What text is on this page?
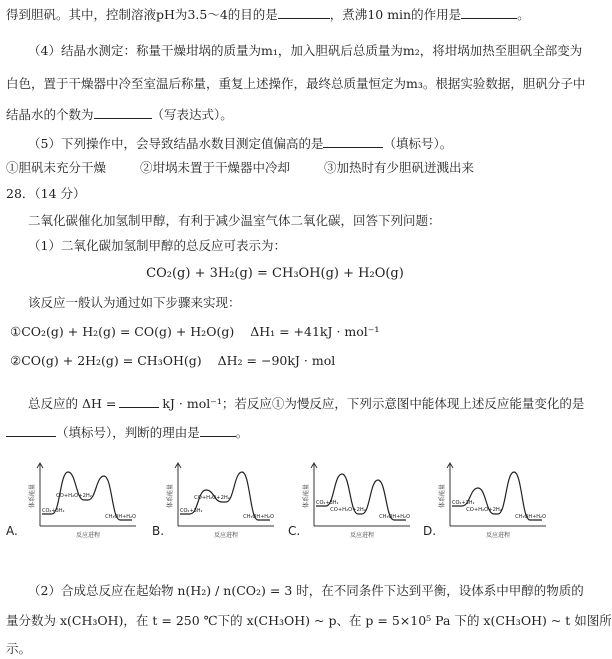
得到胆矾。其中，控制溶液pH为3.5～4的目的是	，煮沸10 min的作用是	。
（4）结晶水测定：称量干燥坩埚的质量为m₁，加入胆矾后总质量为m₂，将坩埚加热至胆矾全部变为
白色，置于干燥器中冷至室温后称量，重复上述操作，最终总质量恒定为m₃。根据实验数据，胆矾分子中
结晶水的个数为	（写表达式）。
（5）下列操作中，会导致结晶水数目测定值偏高的是	（填标号）。
①胆矾未充分干燥	②坩埚未置于干燥器中冷却	③加热时有少胆矾迸溅出来
28．（14 分）
二氧化碳催化加氢制甲醇，有利于减少温室气体二氧化碳，回答下列问题：
（1）二氧化碳加氢制甲醇的总反应可表示为：
CO₂(g) + 3H₂(g) = CH₃OH(g) + H₂O(g)
该反应一般认为通过如下步骤来实现：
①CO₂(g) + H₂(g) = CO(g) + H₂O(g) ΔH₁ = +41kJ · mol⁻¹
②CO(g) + 2H₂(g) = CH₃OH(g) ΔH₂ = −90kJ · mol
总反应的 ΔH =	kJ · mol⁻¹；若反应①为慢反应，下列示意图中能体现上述反应能量变化的是
（填标号），判断的理由是	。
体系能量	CO+H₂O+2H₂
CO₂+3H₂
CH₃OH+H₂O
反应进程
A.
体系能量	CO+H₂O+2H₂
CO₂+3H₂
CH₃OH+H₂O
反应进程
B.
体系能量
CO+H₂O+2H₂
CO₂+3H₂
CH₃OH+H₂O
反应进程
C.
体系能量
CO+H₂O+2H₂
CO₂+3H₂
CH₃OH+H₂O
反应进程
D.
（2）合成总反应在起始物 n(H₂) / n(CO₂) = 3 时，在不同条件下达到平衡，设体系中甲醇的物质的
量分数为 x(CH₃OH)，在 t = 250 ℃下的 x(CH₃OH) ~ p、在 p = 5×10⁵ Pa 下的 x(CH₃OH) ~ t 如图所
示。
